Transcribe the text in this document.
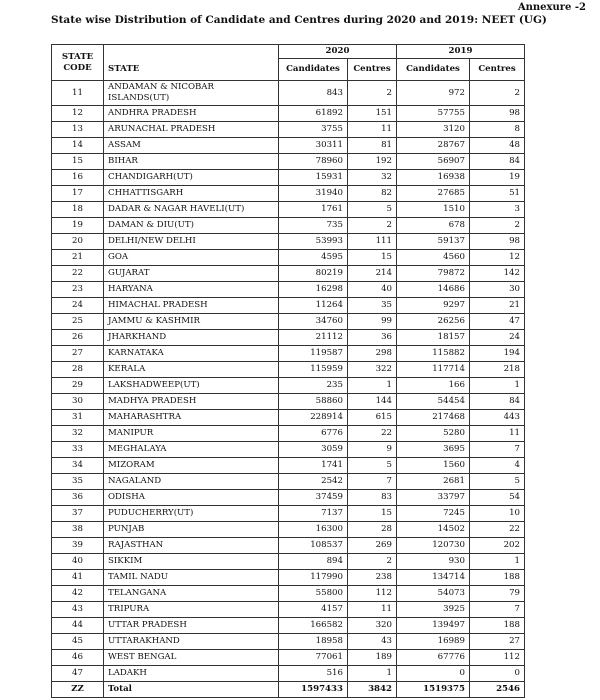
Annexure -2
State wise Distribution of Candidate and Centres during 2020 and 2019: NEET (UG)
STATE CODE		2020		2019	
	STATE	Candidates	Centres	Candidates	Centres
11	ANDAMAN & NICOBAR ISLANDS(UT)	843	2	972	2
12	ANDHRA PRADESH	61892	151	57755	98
13	ARUNACHAL PRADESH	3755	11	3120	8
14	ASSAM	30311	81	28767	48
15	BIHAR	78960	192	56907	84
16	CHANDIGARH(UT)	15931	32	16938	19
17	CHHATTISGARH	31940	82	27685	51
18	DADAR & NAGAR HAVELI(UT)	1761	5	1510	3
19	DAMAN & DIU(UT)	735	2	678	2
20	DELHI/NEW DELHI	53993	111	59137	98
21	GOA	4595	15	4560	12
22	GUJARAT	80219	214	79872	142
23	HARYANA	16298	40	14686	30
24	HIMACHAL PRADESH	11264	35	9297	21
25	JAMMU & KASHMIR	34760	99	26256	47
26	JHARKHAND	21112	36	18157	24
27	KARNATAKA	119587	298	115882	194
28	KERALA	115959	322	117714	218
29	LAKSHADWEEP(UT)	235	1	166	1
30	MADHYA PRADESH	58860	144	54454	84
31	MAHARASHTRA	228914	615	217468	443
32	MANIPUR	6776	22	5280	11
33	MEGHALAYA	3059	9	3695	7
34	MIZORAM	1741	5	1560	4
35	NAGALAND	2542	7	2681	5
36	ODISHA	37459	83	33797	54
37	PUDUCHERRY(UT)	7137	15	7245	10
38	PUNJAB	16300	28	14502	22
39	RAJASTHAN	108537	269	120730	202
40	SIKKIM	894	2	930	1
41	TAMIL NADU	117990	238	134714	188
42	TELANGANA	55800	112	54073	79
43	TRIPURA	4157	11	3925	7
44	UTTAR PRADESH	166582	320	139497	188
45	UTTARAKHAND	18958	43	16989	27
46	WEST BENGAL	77061	189	67776	112
47	LADAKH	516	1	0	0
ZZ	Total	1597433	3842	1519375	2546
